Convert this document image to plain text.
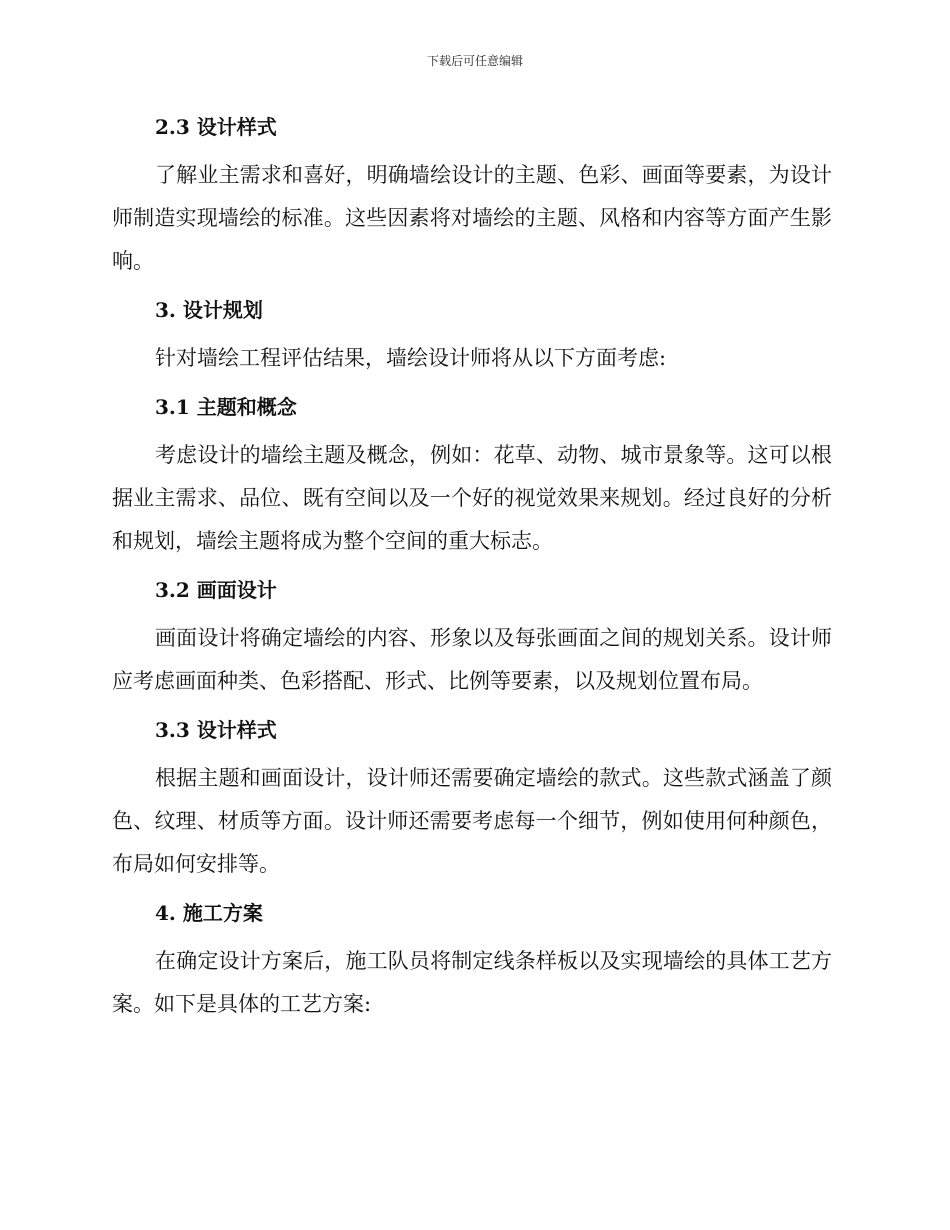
下载后可任意编辑
2.3 设计样式

了解业主需求和喜好，明确墙绘设计的主题、色彩、画面等要素，为设计师制造实现墙绘的标准。这些因素将对墙绘的主题、风格和内容等方面产生影响。

3. 设计规划

针对墙绘工程评估结果，墙绘设计师将从以下方面考虑:

3.1 主题和概念

考虑设计的墙绘主题及概念，例如：花草、动物、城市景象等。这可以根据业主需求、品位、既有空间以及一个好的视觉效果来规划。经过良好的分析和规划，墙绘主题将成为整个空间的重大标志。

3.2 画面设计

画面设计将确定墙绘的内容、形象以及每张画面之间的规划关系。设计师应考虑画面种类、色彩搭配、形式、比例等要素，以及规划位置布局。

3.3 设计样式

根据主题和画面设计，设计师还需要确定墙绘的款式。这些款式涵盖了颜色、纹理、材质等方面。设计师还需要考虑每一个细节，例如使用何种颜色，布局如何安排等。

4. 施工方案

在确定设计方案后，施工队员将制定线条样板以及实现墙绘的具体工艺方案。如下是具体的工艺方案:
